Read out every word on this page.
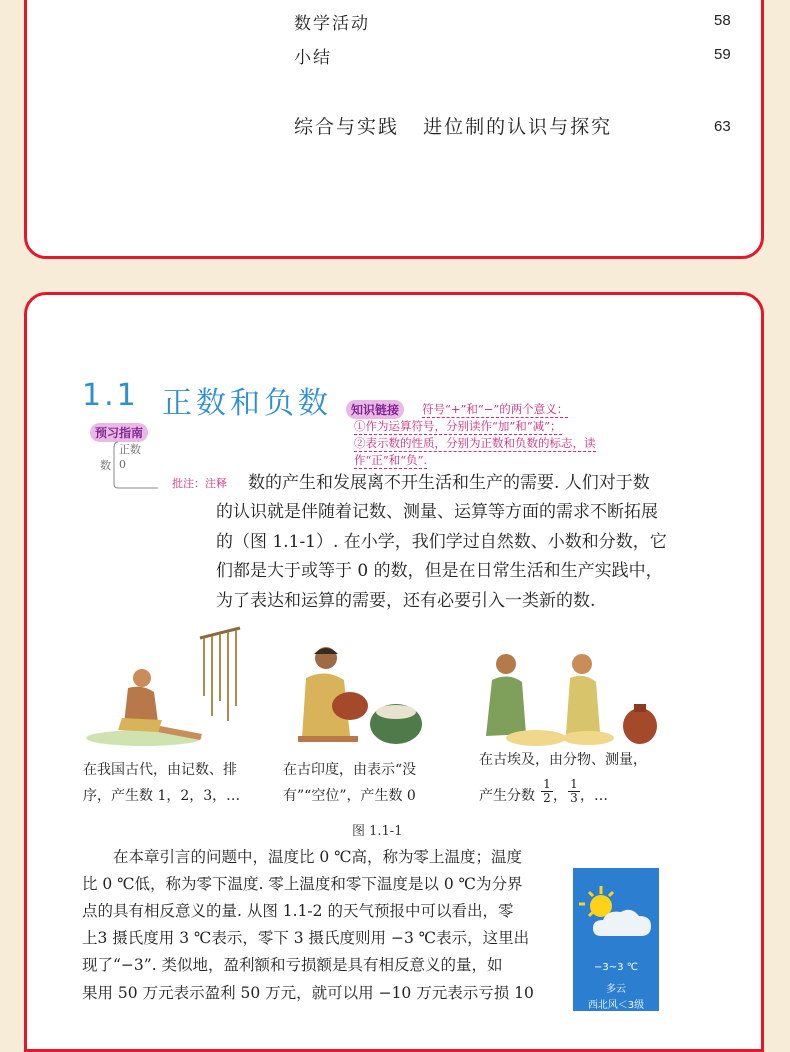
数学活动	58
小结	59
综合与实践   进位制的认识与探究	63
1.1 正数和负数	知识链接	符号“+”和“−”的两个意义：
①作为运算符号，分别读作“加”和“减”；
②表示数的性质，分别为正数和负数的标志，读
作“正”和“负”.
预习指南
数
正数
0
批注：注释 数的产生和发展离不开生活和生产的需要. 人们对于数
的认识就是伴随着记数、测量、运算等方面的需求不断拓展
的（图 1.1-1）. 在小学，我们学过自然数、小数和分数，它
们都是大于或等于 0 的数，但是在日常生活和生产实践中，
为了表达和运算的需要，还有必要引入一类新的数.
在我国古代，由记数、排
序，产生数 1，2，3，…
在古印度，由表示“没
有”“空位”，产生数 0
在古埃及，由分物、测量，
产生分数 $\frac{1}{2} \frac{1}{3}$
， ，…
图 1.1-1
　　在本章引言的问题中，温度比 0 ℃高，称为零上温度；温度
比 0 ℃低，称为零下温度. 零上温度和零下温度是以 0 ℃为分界
点的具有相反意义的量. 从图 1.1-2 的天气预报中可以看出，零
上3 摄氏度用 3 ℃表示，零下 3 摄氏度则用 −3 ℃表示，这里出
现了“−3”. 类似地，盈利额和亏损额是具有相反意义的量，如
果用 50 万元表示盈利 50 万元，就可以用 −10 万元表示亏损 10
−3~3 ℃
多云
西北风＜3级
